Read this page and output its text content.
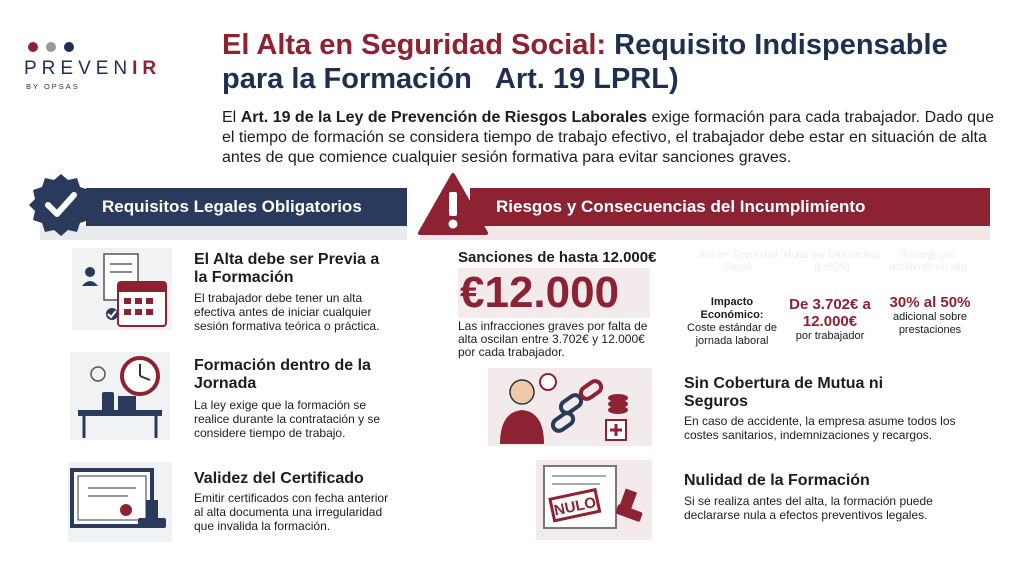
PREVENIR
BY OPSAS
El Alta en Seguridad Social: Requisito Indispensable para la Formación Art. 19 LPRL)
El Art. 19 de la Ley de Prevención de Riesgos Laborales exige formación para cada trabajador. Dado que el tiempo de formación se considera tiempo de trabajo efectivo, el trabajador debe estar en situación de alta antes de que comience cualquier sesión formativa para evitar sanciones graves.
Requisitos Legales Obligatorios	Riesgos y Consecuencias del Incumplimiento
El Alta debe ser Previa a la Formación
El trabajador debe tener un alta efectiva antes de iniciar cualquier sesión formativa teórica o práctica.
Formación dentro de la Jornada
La ley exige que la formación se realice durante la contratación y se considere tiempo de trabajo.
Validez del Certificado
Emitir certificados con fecha anterior al alta documenta una irregularidad que invalida la formación.
Sanciones de hasta 12.000€
€12.000
Las infracciones graves por falta de alta oscilan entre 3.702€ y 12.000€ por cada trabajador.
Alta en Seguridad Social
Multa por falta de Alta (LISOS)
Recargo por accidente sin alta
Impacto Económico:
Coste estándar de jornada laboral
De 3.702€ a 12.000€
por trabajador
30% al 50%
adicional sobre prestaciones
Sin Cobertura de Mutua ni Seguros
En caso de accidente, la empresa asume todos los costes sanitarios, indemnizaciones y recargos.
NULO
Nulidad de la Formación
Si se realiza antes del alta, la formación puede declararse nula a efectos preventivos legales.
